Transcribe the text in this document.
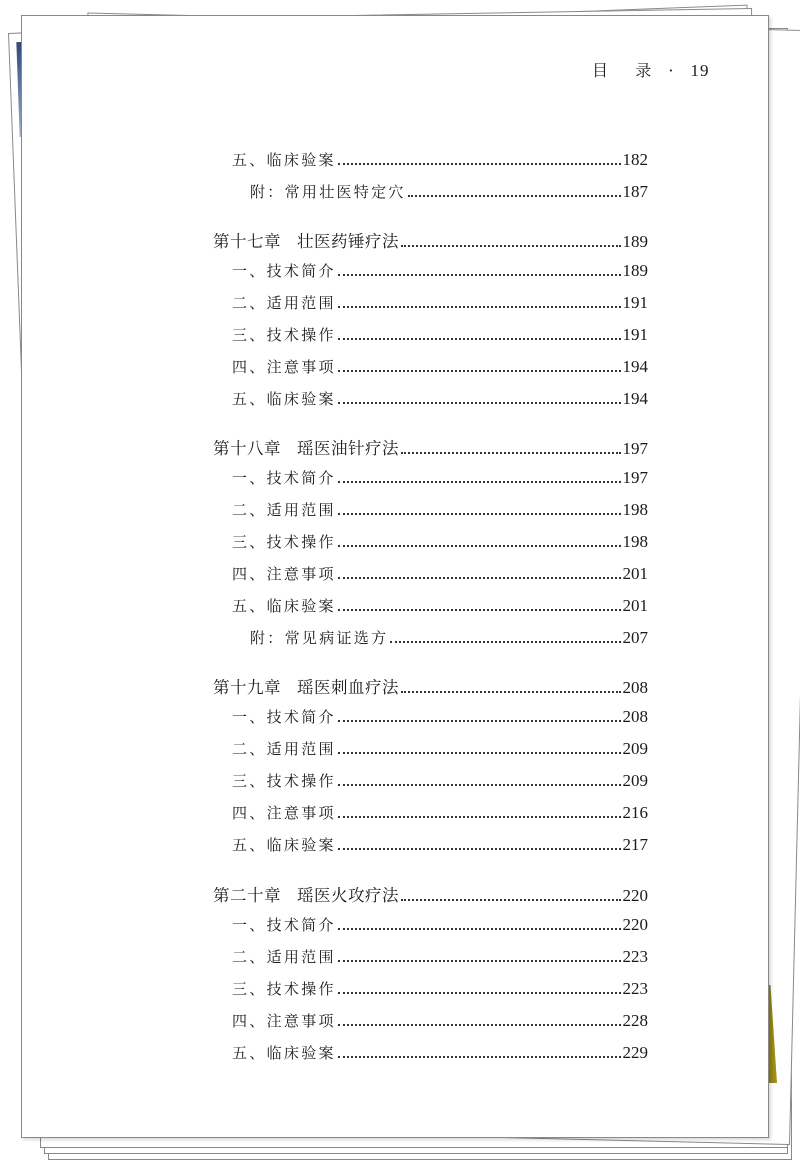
目 录 · 19
五、临床验案	182
附：常用壮医特定穴	187
第十七章 壮医药锤疗法	189
一、技术简介	189
二、适用范围	191
三、技术操作	191
四、注意事项	194
五、临床验案	194
第十八章 瑶医油针疗法	197
一、技术简介	197
二、适用范围	198
三、技术操作	198
四、注意事项	201
五、临床验案	201
附：常见病证选方	207
第十九章 瑶医刺血疗法	208
一、技术简介	208
二、适用范围	209
三、技术操作	209
四、注意事项	216
五、临床验案	217
第二十章 瑶医火攻疗法	220
一、技术简介	220
二、适用范围	223
三、技术操作	223
四、注意事项	228
五、临床验案	229
